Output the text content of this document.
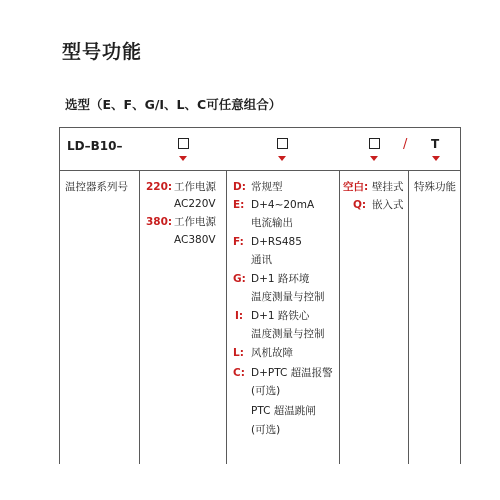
型号功能
选型（E、F、G/I、L、C可任意组合）
LD–B10–	/ T
温控器系列号 220: 工作电源
AC220V
380: 工作电源
AC380V
D: 常规型
E: D+4~20mA
电流输出
F: D+RS485
通讯
G: D+1 路环境
温度测量与控制
I: D+1 路铁心
温度测量与控制
L: 风机故障
C: D+PTC 超温报警
(可选)
PTC 超温跳闸
(可选)
空白: 壁挂式
Q: 嵌入式
特殊功能
